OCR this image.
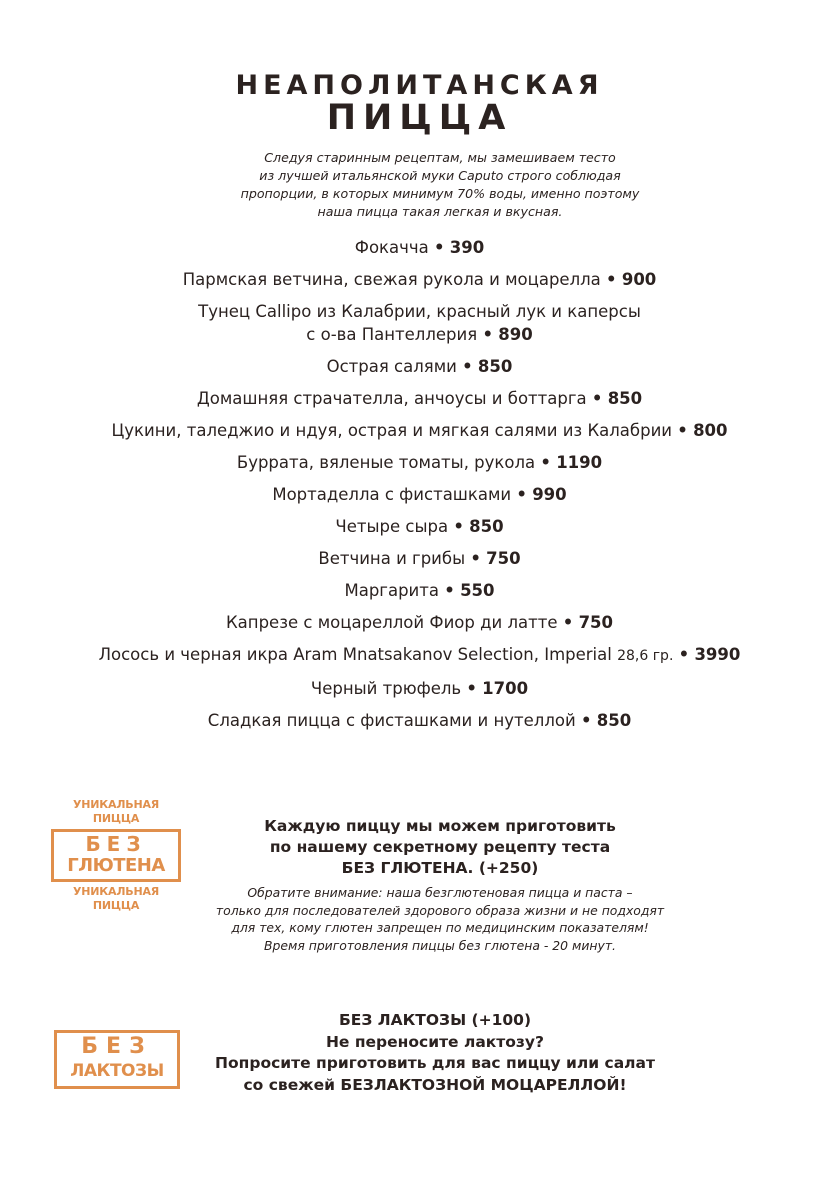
НЕАПОЛИТАНСКАЯ
ПИЦЦА
Следуя старинным рецептам, мы замешиваем тесто
из лучшей итальянской муки Caputo строго соблюдая
пропорции, в которых минимум 70% воды, именно поэтому
наша пицца такая легкая и вкусная.
Фокачча • 390
Пармская ветчина, свежая рукола и моцарелла • 900
Тунец Callipo из Калабрии, красный лук и каперсы
с о-ва Пантеллерия • 890
Острая салями • 850
Домашняя страчателла, анчоусы и боттарга • 850
Цукини, таледжио и ндуя, острая и мягкая салями из Калабрии • 800
Буррата, вяленые томаты, рукола • 1190
Мортаделла с фисташками • 990
Четыре сыра • 850
Ветчина и грибы • 750
Маргарита • 550
Капрезе с моцареллой Фиор ди латте • 750
Лосось и черная икра Aram Mnatsakanov Selection, Imperial 28,6 гр. • 3990
Черный трюфель • 1700
Сладкая пицца с фисташками и нутеллой • 850
УНИКАЛЬНАЯ ПИЦЦА
БЕЗ
ГЛЮТЕНА
УНИКАЛЬНАЯ ПИЦЦА
Каждую пиццу мы можем приготовить
по нашему секретному рецепту теста
БЕЗ ГЛЮТЕНА. (+250)
Обратите внимание: наша безглютеновая пицца и паста –
только для последователей здорового образа жизни и не подходят
для тех, кому глютен запрещен по медицинским показателям!
Время приготовления пиццы без глютена - 20 минут.
БЕЗ
ЛАКТОЗЫ
БЕЗ ЛАКТОЗЫ (+100)
Не переносите лактозу?
Попросите приготовить для вас пиццу или салат
со свежей БЕЗЛАКТОЗНОЙ МОЦАРЕЛЛОЙ!
